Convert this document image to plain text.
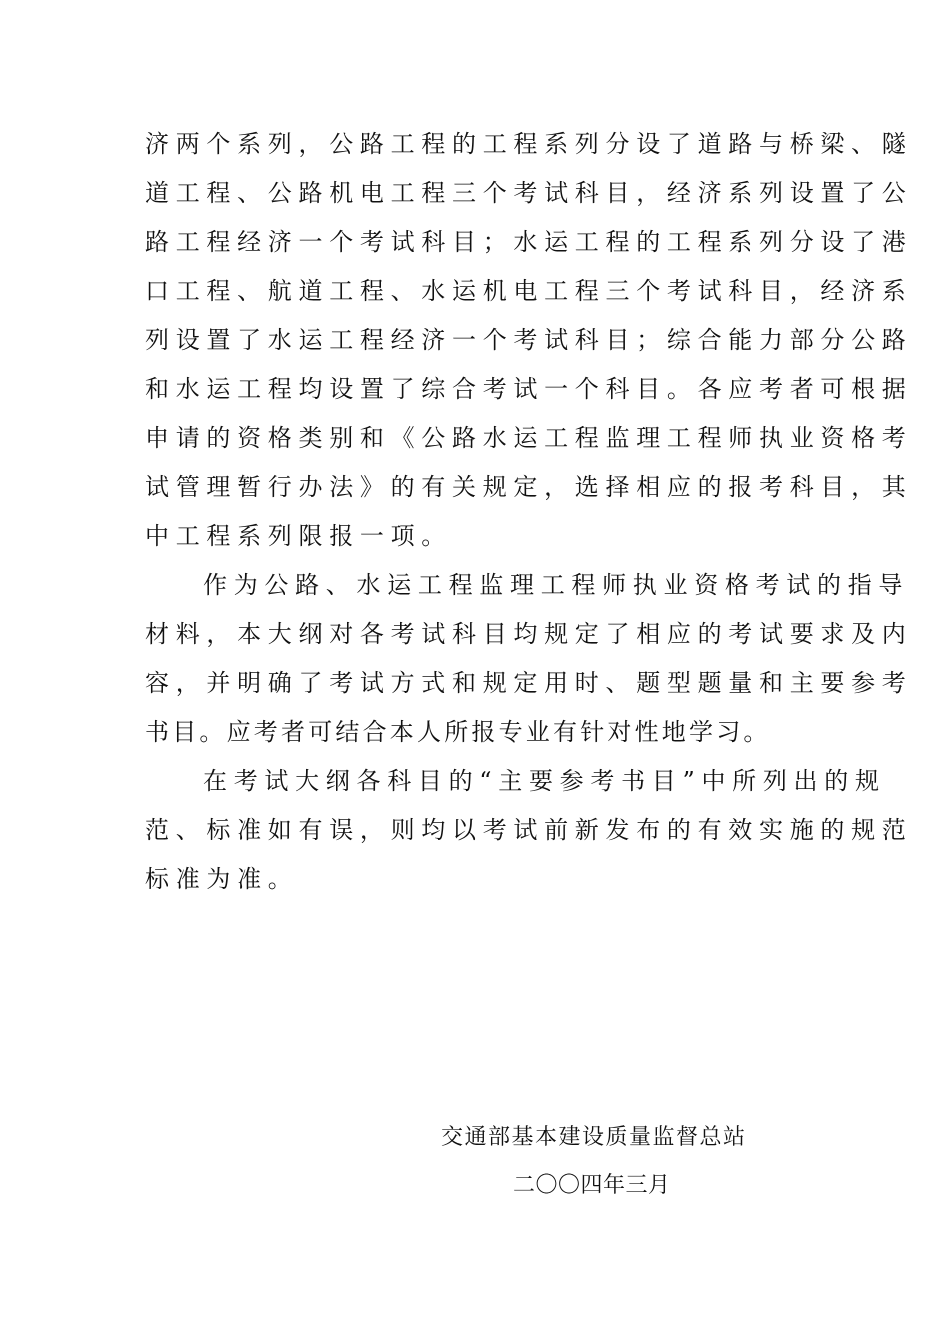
济两个系列，公路工程的工程系列分设了道路与桥梁、隧
道工程、公路机电工程三个考试科目，经济系列设置了公
路工程经济一个考试科目；水运工程的工程系列分设了港
口工程、航道工程、水运机电工程三个考试科目，经济系
列设置了水运工程经济一个考试科目；综合能力部分公路
和水运工程均设置了综合考试一个科目。各应考者可根据
申请的资格类别和《公路水运工程监理工程师执业资格考
试管理暂行办法》的有关规定，选择相应的报考科目，其
中工程系列限报一项。
作为公路、水运工程监理工程师执业资格考试的指导
材料，本大纲对各考试科目均规定了相应的考试要求及内
容，并明确了考试方式和规定用时、题型题量和主要参考
书目。应考者可结合本人所报专业有针对性地学习。
在考试大纲各科目的“主要参考书目”中所列出的规
范、标准如有误，则均以考试前新发布的有效实施的规范
标准为准。
交通部基本建设质量监督总站
二〇〇四年三月
